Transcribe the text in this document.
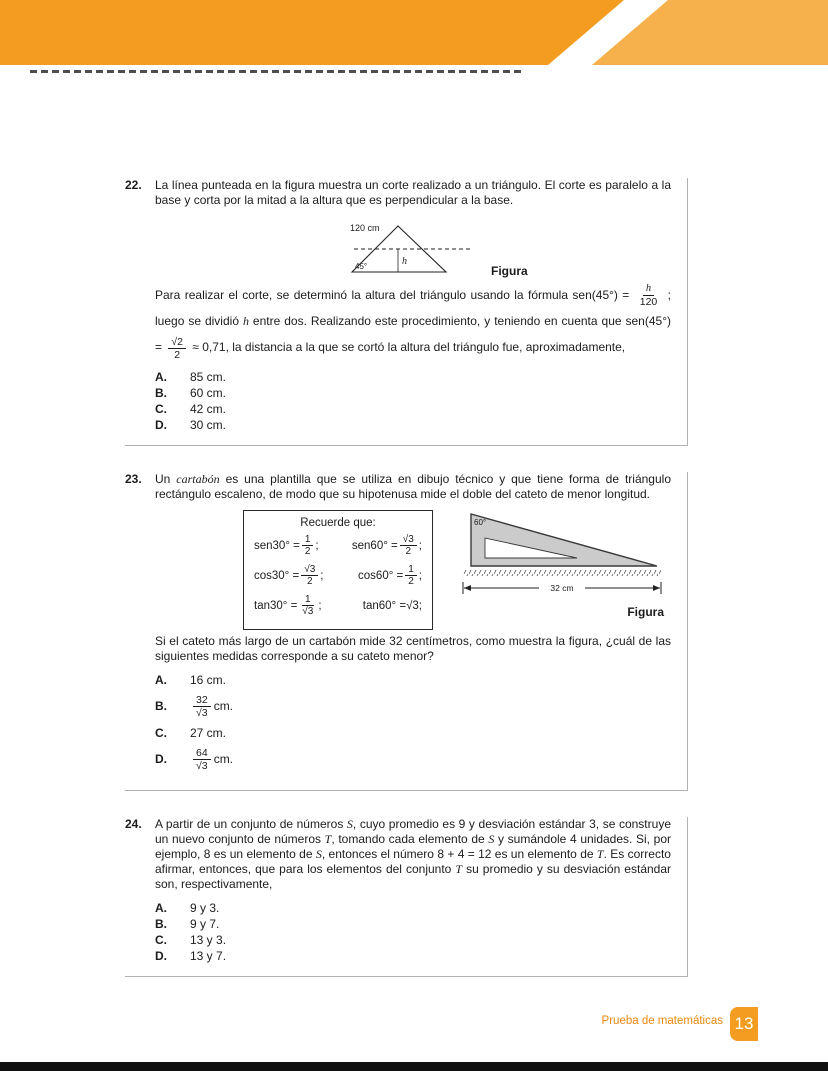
22.	La línea punteada en la figura muestra un corte realizado a un triángulo. El corte es paralelo a la base y corta por la mitad a la altura que es perpendicular a la base.

120 cm
h
45°	Figura

Para realizar el corte, se determinó la altura del triángulo usando la fórmula $sen(45^\circ) = \frac{h}{120}$ ; luego se dividió h entre dos. Realizando este procedimiento, y teniendo en cuenta que $sen(45^\circ) = \frac{√2}{2} \approx 0,71$, la distancia a la que se cortó la altura del triángulo fue, aproximadamente,

A.	85 cm.
B.	60 cm.
C.	42 cm.
D.	30 cm.
23.	Un cartabón es una plantilla que se utiliza en dibujo técnico y que tiene forma de triángulo rectángulo escaleno, de modo que su hipotenusa mide el doble del cateto de menor longitud.

Recuerde que:
$sen30^\circ = \frac{1}{2}$ ;	$sen60^\circ = \frac{√3}{2}$ ;
$\cos 30^\circ = \frac{√3}{2}$ ;	$\cos 60^\circ = \frac{1}{2}$ ;
$\tan 30^\circ = \frac{1}{√3}$ ;	tan60° = √3 ;
60°
32 cm
Figura

Si el cateto más largo de un cartabón mide 32 centímetros, como muestra la figura, ¿cuál de las siguientes medidas corresponde a su cateto menor?

A.	16 cm.
B.	$\frac{32}{√3}$ cm.
C.	27 cm.
D.	$\frac{64}{√3}$ cm.
24.	A partir de un conjunto de números S, cuyo promedio es 9 y desviación estándar 3, se construye un nuevo conjunto de números T, tomando cada elemento de S y sumándole 4 unidades. Si, por ejemplo, 8 es un elemento de S, entonces el número 8 + 4 = 12 es un elemento de T. Es correcto afirmar, entonces, que para los elementos del conjunto T su promedio y su desviación estándar son, respectivamente,

A.	9 y 3.
B.	9 y 7.
C.	13 y 3.
D.	13 y 7.
Prueba de matemáticas 13
